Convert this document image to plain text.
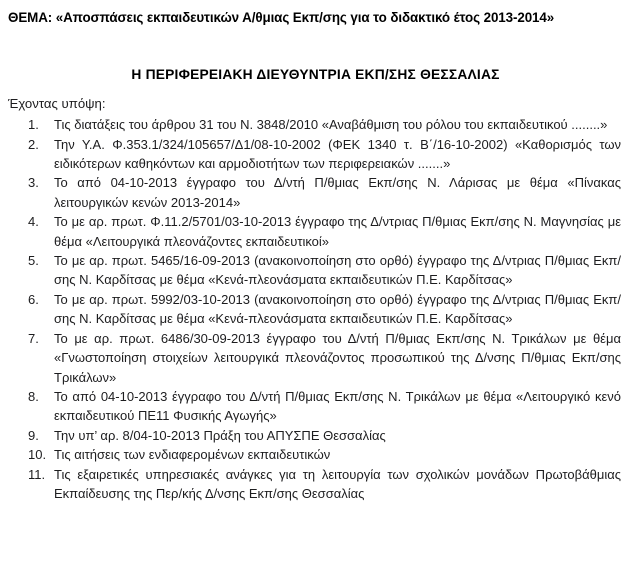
ΘΕΜΑ: «Αποσπάσεις εκπαιδευτικών Α/θμιας Εκπ/σης για το διδακτικό έτος 2013-2014»
Η ΠΕΡΙΦΕΡΕΙΑΚΗ ΔΙΕΥΘΥΝΤΡΙΑ ΕΚΠ/ΣΗΣ ΘΕΣΣΑΛΙΑΣ
Έχοντας υπόψη:
1. Τις διατάξεις του άρθρου 31 του Ν. 3848/2010 «Αναβάθμιση του ρόλου του εκπαιδευτικού ........»
2. Την Υ.Α. Φ.353.1/324/105657/Δ1/08-10-2002 (ΦΕΚ 1340 τ. Β΄/16-10-2002) «Καθορισμός των ειδικότερων καθηκόντων και αρμοδιοτήτων των περιφερειακών .......»
3. Το από 04-10-2013 έγγραφο του Δ/ντή Π/θμιας Εκπ/σης Ν. Λάρισας με θέμα «Πίνακας λειτουργικών κενών 2013-2014»
4. Το με αρ. πρωτ. Φ.11.2/5701/03-10-2013 έγγραφο της Δ/ντριας Π/θμιας Εκπ/σης Ν. Μαγνησίας με θέμα «Λειτουργικά πλεονάζοντες εκπαιδευτικοί»
5. Το με αρ. πρωτ. 5465/16-09-2013 (ανακοινοποίηση στο ορθό) έγγραφο της Δ/ντριας Π/θμιας Εκπ/σης Ν. Καρδίτσας με θέμα «Κενά-πλεονάσματα εκπαιδευτικών Π.Ε. Καρδίτσας»
6. Το με αρ. πρωτ. 5992/03-10-2013 (ανακοινοποίηση στο ορθό) έγγραφο της Δ/ντριας Π/θμιας Εκπ/σης Ν. Καρδίτσας με θέμα «Κενά-πλεονάσματα εκπαιδευτικών Π.Ε. Καρδίτσας»
7. Το με αρ. πρωτ. 6486/30-09-2013 έγγραφο του Δ/ντή Π/θμιας Εκπ/σης Ν. Τρικάλων με θέμα «Γνωστοποίηση στοιχείων λειτουργικά πλεονάζοντος προσωπικού της Δ/νσης Π/θμιας Εκπ/σης Τρικάλων»
8. Το από 04-10-2013 έγγραφο του Δ/ντή Π/θμιας Εκπ/σης Ν. Τρικάλων με θέμα «Λειτουργικό κενό εκπαιδευτικού ΠΕ11 Φυσικής Αγωγής»
9. Την υπ’ αρ. 8/04-10-2013 Πράξη του ΑΠΥΣΠΕ Θεσσαλίας
10. Τις αιτήσεις των ενδιαφερομένων εκπαιδευτικών
11. Τις εξαιρετικές υπηρεσιακές ανάγκες για τη λειτουργία των σχολικών μονάδων Πρωτοβάθμιας Εκπαίδευσης της Περ/κής Δ/νσης Εκπ/σης Θεσσαλίας
